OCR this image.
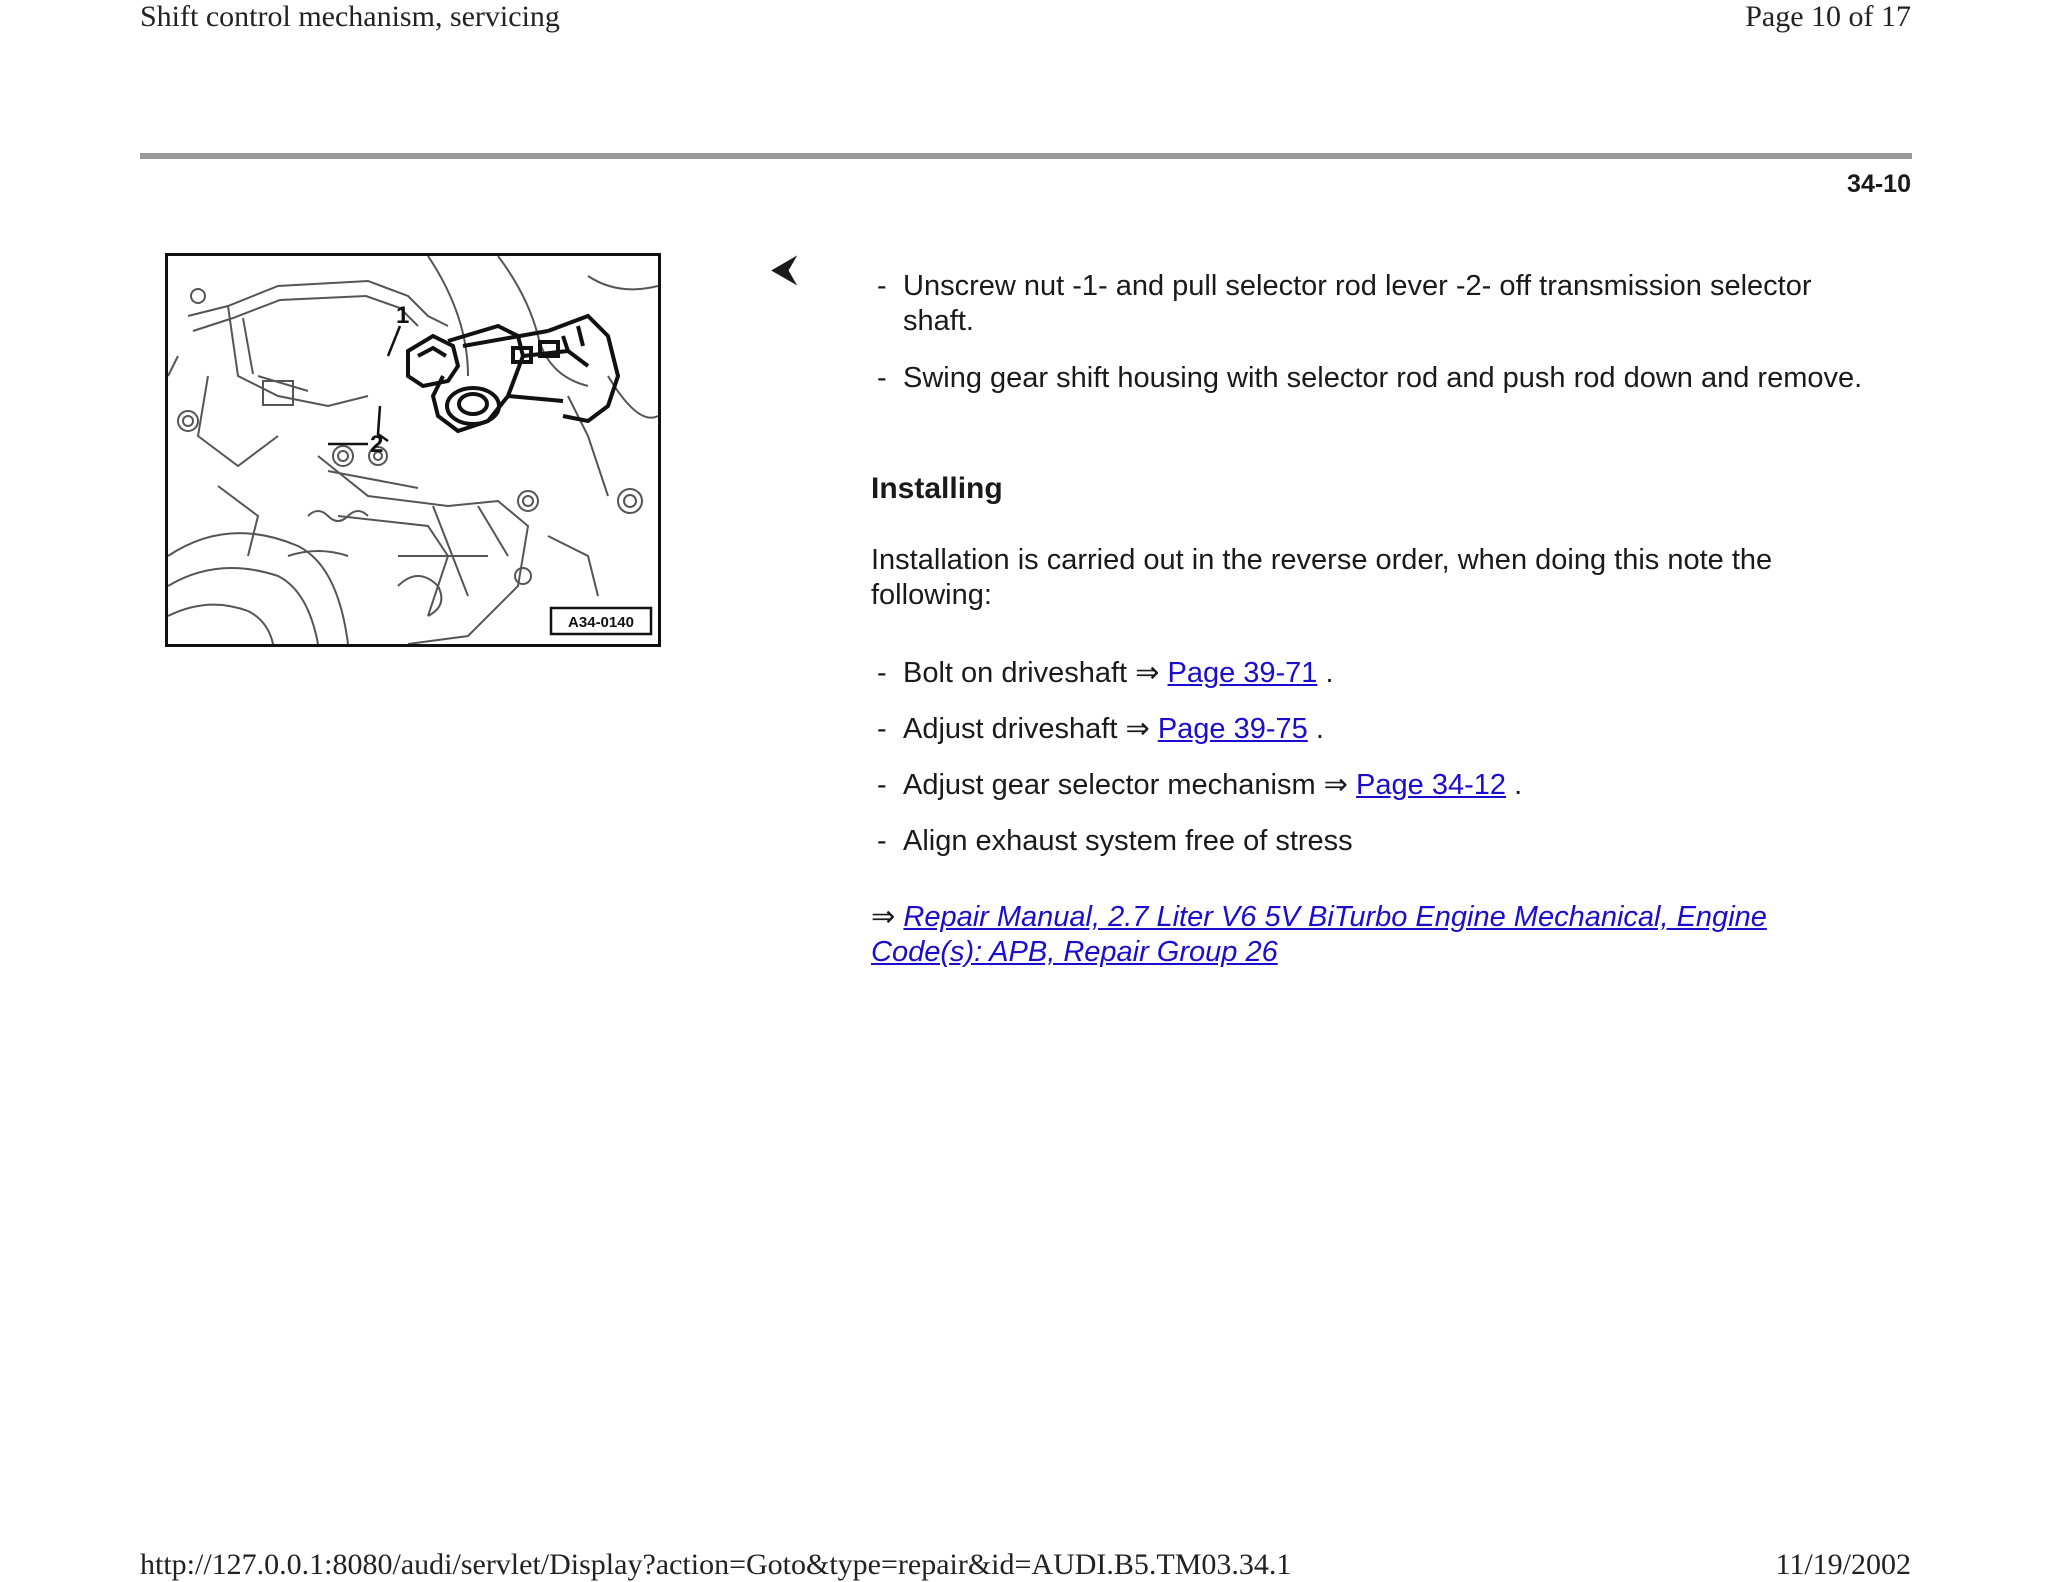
Shift control mechanism, servicing	Page 10 of 17
34-10
1
2
A34-0140
⮜	- Unscrew nut -1- and pull selector rod lever -2- off transmission selector shaft.
- Swing gear shift housing with selector rod and push rod down and remove.
Installing
Installation is carried out in the reverse order, when doing this note the following:
- Bolt on driveshaft ⇒ Page 39-71 .
- Adjust driveshaft ⇒ Page 39-75 .
- Adjust gear selector mechanism ⇒ Page 34-12 .
- Align exhaust system free of stress
⇒ Repair Manual, 2.7 Liter V6 5V BiTurbo Engine Mechanical, Engine Code(s): APB, Repair Group 26
http://127.0.0.1:8080/audi/servlet/Display?action=Goto&type=repair&id=AUDI.B5.TM03.34.1	11/19/2002
